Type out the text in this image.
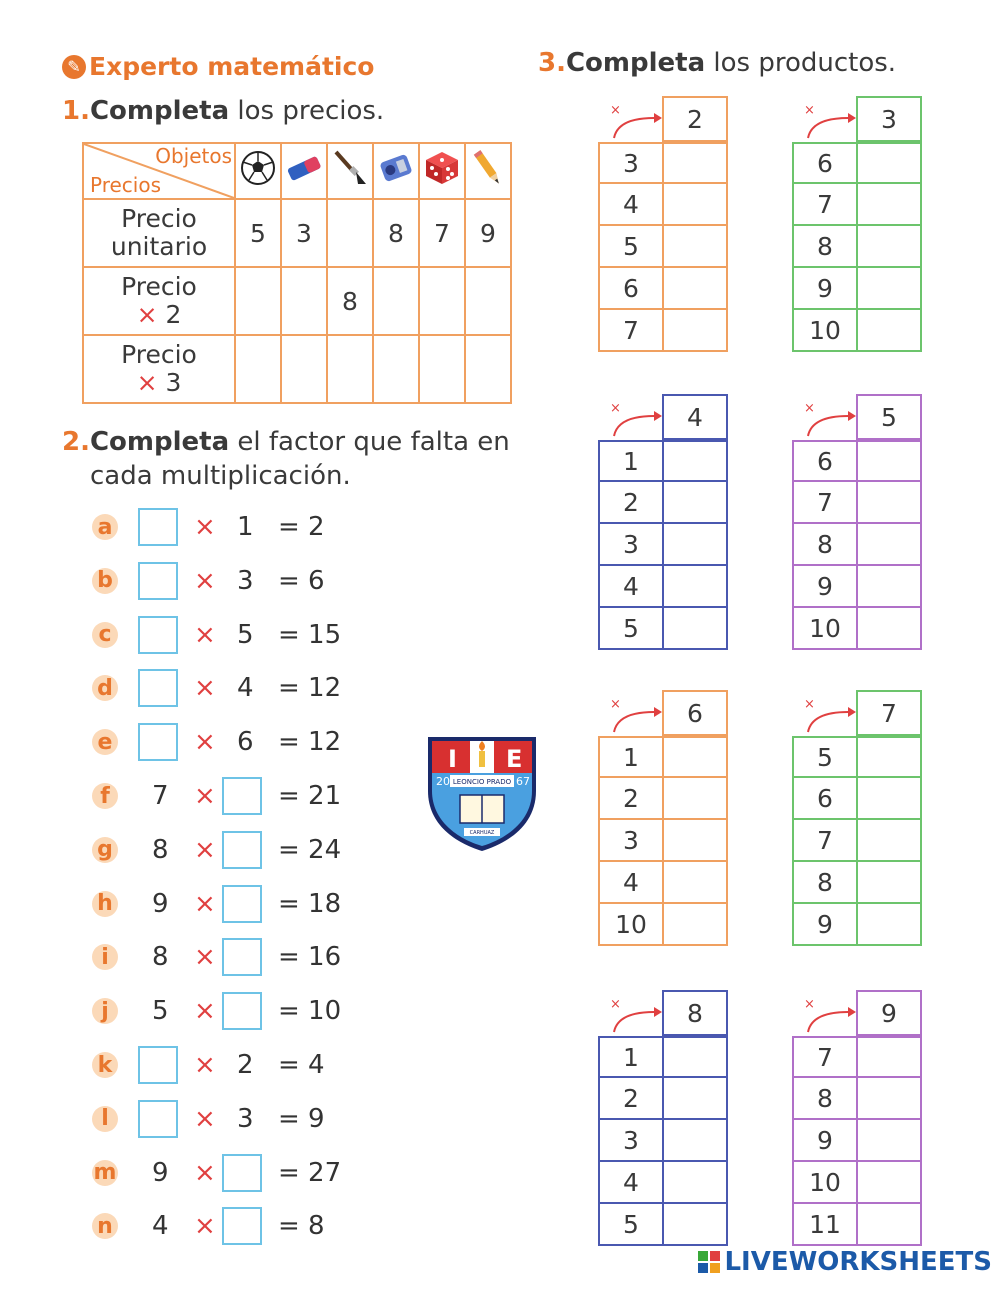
✎ Experto matemático
1.Completa los precios.
Objetos
Precios

Precio
unitario	5	3		8	7	9
Precio
× 2			8			
Precio
× 3						
2.Completa el factor que falta en
cada multiplicación.
a	× 1 = 2
b	× 3 = 6
c	× 5 = 15
d	× 4 = 12
e	× 6 = 12
f	7 × = 21
g 8 × = 24
h 9 × = 18
i	8 × = 16
j	5 × = 10
k	× 2 = 4
l	× 3 = 9
m 9 × = 27
n 4 × = 8
3.Completa los productos.
×	2
3
4
5
6
7
×	3
6
7
8
9
10
×	4
1
2
3
4
5
×	5
6
7
8
9
10
×	6
1
2
3
4
10
×	7
5
6
7
8
9
×	8
1
2
3
4
5
×	9
7
8
9
10
11
I E
20	67
LEONCIO PRADO
CARHUAZ
LIVEWORKSHEETS
